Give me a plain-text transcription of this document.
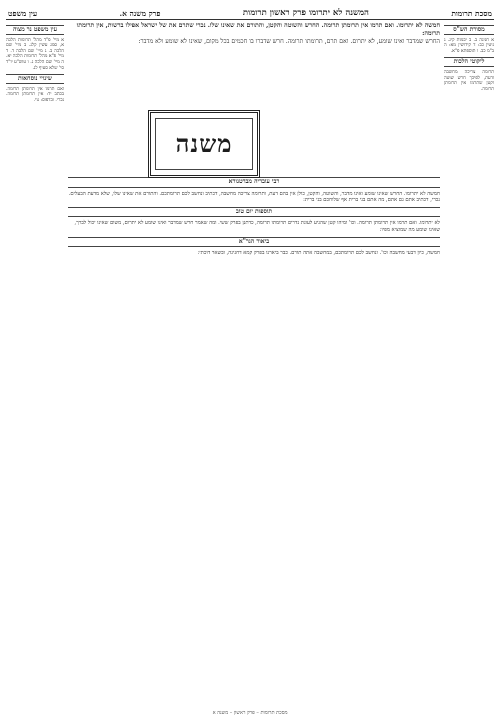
מסכת תרומות
המשנה לא יתרומו פרק ראשון תרומות
פרק משנה א.
עין משפט
מסורת הש"ס

א חגיגה ב. ב יבמות קיג. ג גיטין כב: ד קידושין מא: ה ב"מ כב. ו תוספתא פ"א.

ליקוטי הלכות

תרומה צריכה מחשבה ודעת, לפיכך חרש שוטה וקטן שתרמו אין תרומתן תרומה.

עין משפט נר מצוה

א מיי' פ"ד מהל' תרומות הלכה א, סמג עשין קלג. ב מיי' שם הלכה ב. ג מיי' שם הלכה ד. ד מיי' פ"א מהל' תרומות הלכה יא. ה מיי' שם הלכה ג. ו טוש"ע יו"ד סי' שלא סעיף לג.

שינויי נוסחאות

ואם תרמו אין תרומתן תרומה. בכתב יד: אין תרומתן תרומה. נכרי. ובדפוס: גוי.

חמשה לא יתרומו. ואם תרמו אין תרומתן תרומה. החרש והשוטה והקטן, והתורם את שאינו שלו. נכרי שתרם את של ישראל אפילו ברשות, אין תרומתו תרומה:

החרש שמדבר ואינו שומע, לא יתרום. ואם תרם, תרומתו תרומה. חרש שדברו בו חכמים בכל מקום, שאינו לא שומע ולא מדבר:

רבי עובדיה מברטנורא

חמשה לא יתרומו. החרש שאינו שומע ואינו מדבר, והשוטה, והקטן, כולן אין בהם דעת, ותרומה צריכה מחשבה, דכתיב ונחשב לכם תרומתכם. והתורם את שאינו שלו, שלא מדעת הבעלים. נכרי, דכתיב אתם גם אתם, מה אתם בני ברית אף שלוחכם בני ברית:

תוספות יום טוב

לא יתרומו. ואם תרמו אין תרומתן תרומה. וכו' ומיהו קטן שהגיע לעונת נדרים תרומתו תרומה, כדתנן בפרק ששי. ומה שאמר חרש שמדבר ואינו שומע לא יתרום, משום שאינו יכול לברך, שאינו שומע מה שמוציא מפיו:

ביאור הגר"א

חמשה, כיון דבעי מחשבה וכו'. ונחשב לכם תרומתכם, במחשבה אתה תורם. כבר ביארנו בפרק קמא דחגיגה, ובשאר דוכתי:

משנה
מסכת תרומות – פרק ראשון – משנה א
